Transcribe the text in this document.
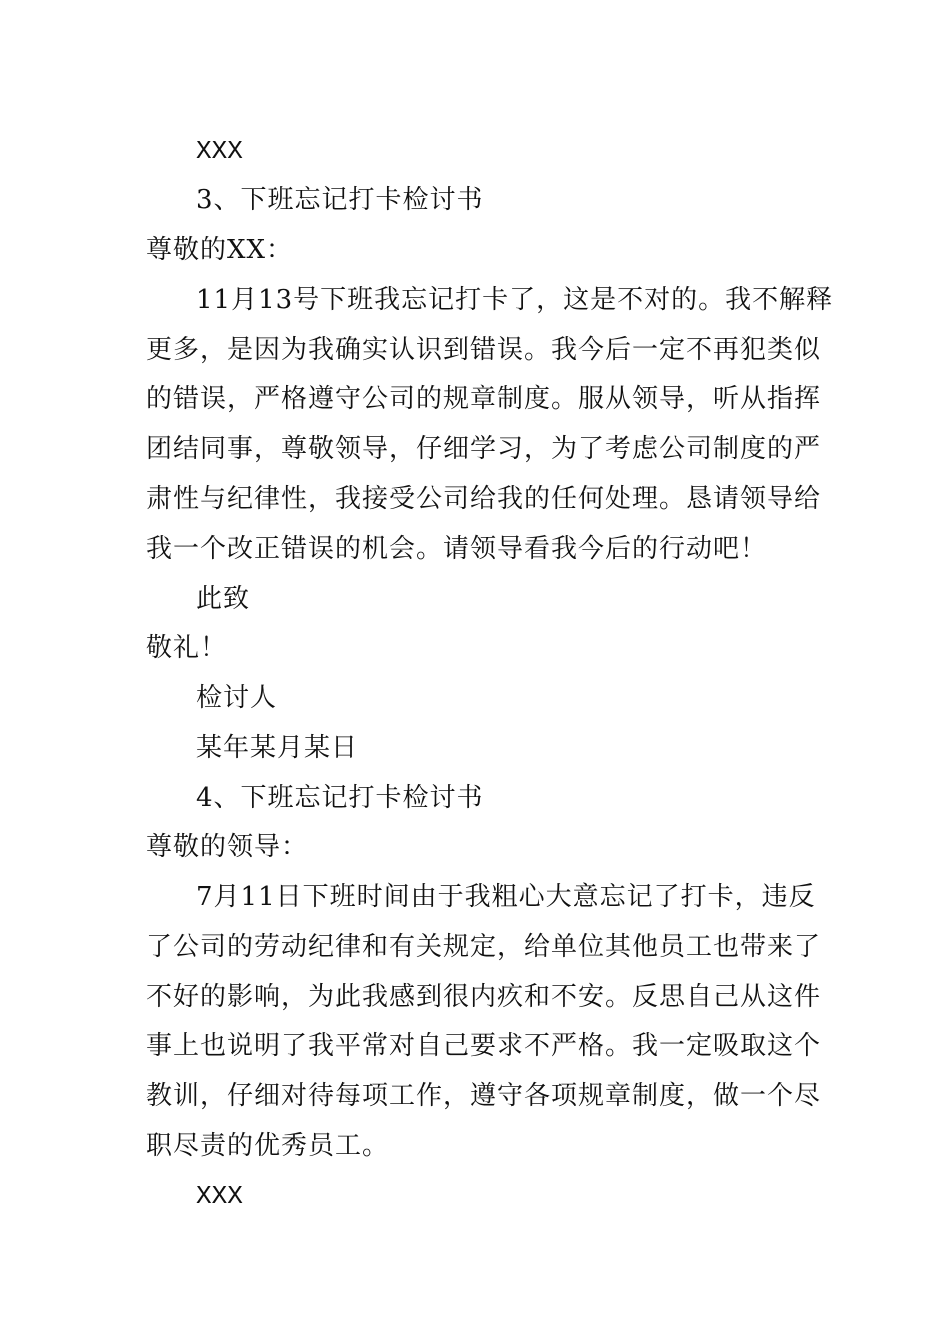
XXX
3、下班忘记打卡检讨书
尊敬的XX：
11月13号下班我忘记打卡了，这是不对的。我不解释
更多，是因为我确实认识到错误。我今后一定不再犯类似
的错误，严格遵守公司的规章制度。服从领导，听从指挥
团结同事，尊敬领导，仔细学习，为了考虑公司制度的严
肃性与纪律性，我接受公司给我的任何处理。恳请领导给
我一个改正错误的机会。请领导看我今后的行动吧！
此致
敬礼！
检讨人
某年某月某日
4、下班忘记打卡检讨书
尊敬的领导：
7月11日下班时间由于我粗心大意忘记了打卡，违反
了公司的劳动纪律和有关规定，给单位其他员工也带来了
不好的影响，为此我感到很内疚和不安。反思自己从这件
事上也说明了我平常对自己要求不严格。我一定吸取这个
教训，仔细对待每项工作，遵守各项规章制度，做一个尽
职尽责的优秀员工。
XXX
